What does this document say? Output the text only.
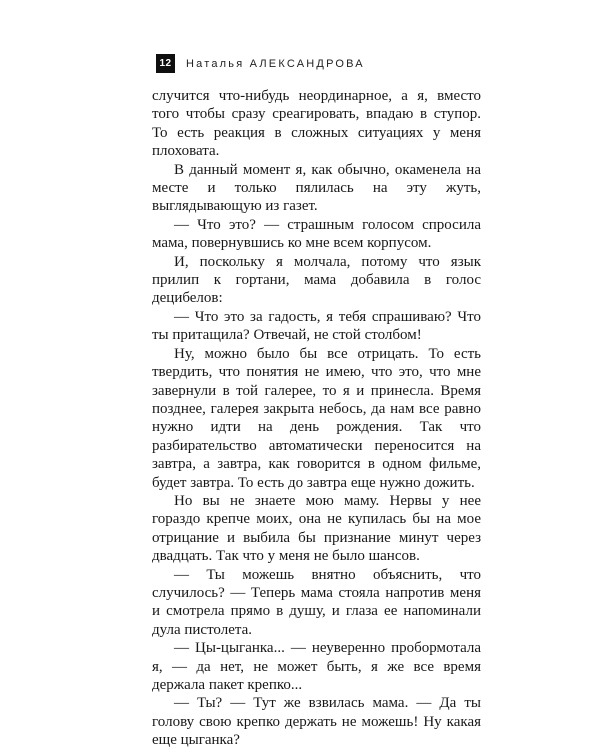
12	Наталья АЛЕКСАНДРОВА

случится что-нибудь неординарное, а я, вместо того чтобы сразу среагировать, впадаю в ступор. То есть реакция в сложных ситуациях у меня плоховата.

В данный момент я, как обычно, окаменела на месте и только пялилась на эту жуть, выглядывающую из газет.

— Что это? — страшным голосом спросила мама, повернувшись ко мне всем корпусом.

И, поскольку я молчала, потому что язык прилип к гортани, мама добавила в голос децибелов:

— Что это за гадость, я тебя спрашиваю? Что ты притащила? Отвечай, не стой столбом!

Ну, можно было бы все отрицать. То есть твердить, что понятия не имею, что это, что мне завернули в той галерее, то я и принесла. Время позднее, галерея закрыта небось, да нам все равно нужно идти на день рождения. Так что разбирательство автоматически переносится на завтра, а завтра, как говорится в одном фильме, будет завтра. То есть до завтра еще нужно дожить.

Но вы не знаете мою маму. Нервы у нее гораздо крепче моих, она не купилась бы на мое отрицание и выбила бы признание минут через двадцать. Так что у меня не было шансов.

— Ты можешь внятно объяснить, что случилось? — Теперь мама стояла напротив меня и смотрела прямо в душу, и глаза ее напоминали дула пистолета.

— Цы-цыганка... — неуверенно пробормотала я, — да нет, не может быть, я же все время держала пакет крепко...

— Ты? — Тут же взвилась мама. — Да ты голову свою крепко держать не можешь! Ну какая еще цыганка?
